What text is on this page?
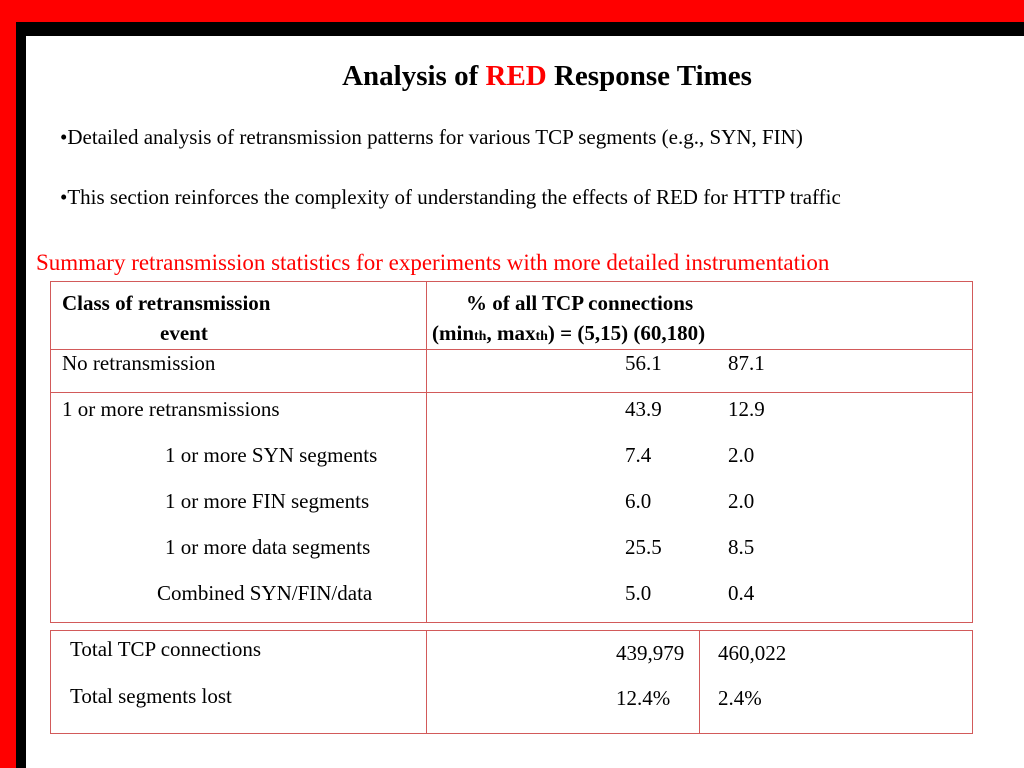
Analysis of RED Response Times
•Detailed analysis of retransmission patterns for various TCP segments (e.g., SYN, FIN)
•This section reinforces the complexity of understanding the effects of RED for HTTP traffic
Summary retransmission statistics for experiments with more detailed instrumentation
Class of retransmission
event
% of all TCP connections
(minth, maxth) = (5,15) (60,180)
No retransmission	56.1	87.1
1 or more retransmissions	43.9	12.9
1 or more SYN segments	7.4	2.0
1 or more FIN segments	6.0	2.0
1 or more data segments	25.5	8.5
Combined SYN/FIN/data	5.0	0.4
Total TCP connections	439,979 460,022
Total segments lost	12.4% 2.4%
